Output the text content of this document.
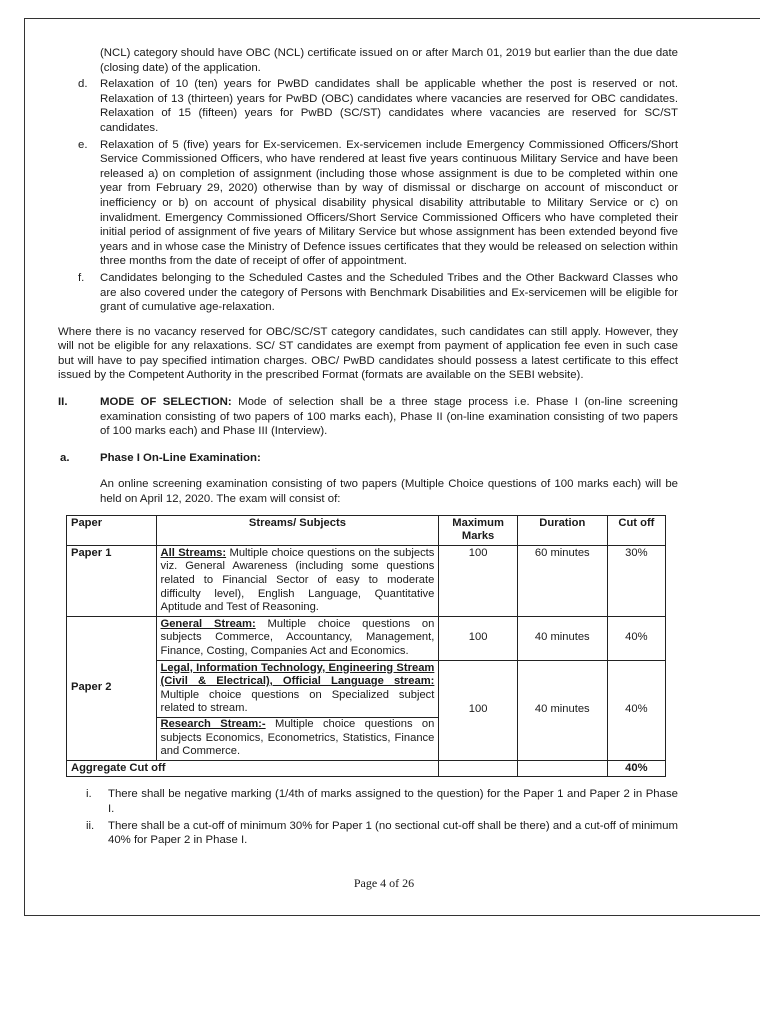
(NCL) category should have OBC (NCL) certificate issued on or after March 01, 2019 but earlier than the due date (closing date) of the application.
d.	Relaxation of 10 (ten) years for PwBD candidates shall be applicable whether the post is reserved or not. Relaxation of 13 (thirteen) years for PwBD (OBC) candidates where vacancies are reserved for OBC candidates. Relaxation of 15 (fifteen) years for PwBD (SC/ST) candidates where vacancies are reserved for SC/ST candidates.
e.	Relaxation of 5 (five) years for Ex-servicemen. Ex-servicemen include Emergency Commissioned Officers/Short Service Commissioned Officers, who have rendered at least five years continuous Military Service and have been released a) on completion of assignment (including those whose assignment is due to be completed within one year from February 29, 2020) otherwise than by way of dismissal or discharge on account of misconduct or inefficiency or b) on account of physical disability physical disability attributable to Military Service or c) on invalidment. Emergency Commissioned Officers/Short Service Commissioned Officers who have completed their initial period of assignment of five years of Military Service but whose assignment has been extended beyond five years and in whose case the Ministry of Defence issues certificates that they would be released on selection within three months from the date of receipt of offer of appointment.
f.	Candidates belonging to the Scheduled Castes and the Scheduled Tribes and the Other Backward Classes who are also covered under the category of Persons with Benchmark Disabilities and Ex-servicemen will be eligible for grant of cumulative age-relaxation.
Where there is no vacancy reserved for OBC/SC/ST category candidates, such candidates can still apply. However, they will not be eligible for any relaxations. SC/ ST candidates are exempt from payment of application fee even in such case but will have to pay specified intimation charges. OBC/ PwBD candidates should possess a latest certificate to this effect issued by the Competent Authority in the prescribed Format (formats are available on the SEBI website).
II.	MODE OF SELECTION: Mode of selection shall be a three stage process i.e. Phase I (on-line screening examination consisting of two papers of 100 marks each), Phase II (on-line examination consisting of two papers of 100 marks each) and Phase III (Interview).
a.	Phase I On-Line Examination:
An online screening examination consisting of two papers (Multiple Choice questions of 100 marks each) will be held on April 12, 2020. The exam will consist of:
Paper	Streams/ Subjects	Maximum Marks	Duration	Cut off
Paper 1	All Streams: Multiple choice questions on the subjects viz. General Awareness (including some questions related to Financial Sector of easy to moderate difficulty level), English Language, Quantitative Aptitude and Test of Reasoning.	100	60 minutes	30%
Paper 2	General Stream: Multiple choice questions on subjects Commerce, Accountancy, Management, Finance, Costing, Companies Act and Economics.	100	40 minutes	40%

	Legal, Information Technology, Engineering Stream (Civil & Electrical), Official Language stream: Multiple choice questions on Specialized subject related to stream.
Research Stream:- Multiple choice questions on subjects Economics, Econometrics, Statistics, Finance and Commerce.	100	40 minutes	40%
Aggregate Cut off				40%
i.	There shall be negative marking (1/4th of marks assigned to the question) for the Paper 1 and Paper 2 in Phase I.
ii.	There shall be a cut-off of minimum 30% for Paper 1 (no sectional cut-off shall be there) and a cut-off of minimum 40% for Paper 2 in Phase I.
Page 4 of 26
